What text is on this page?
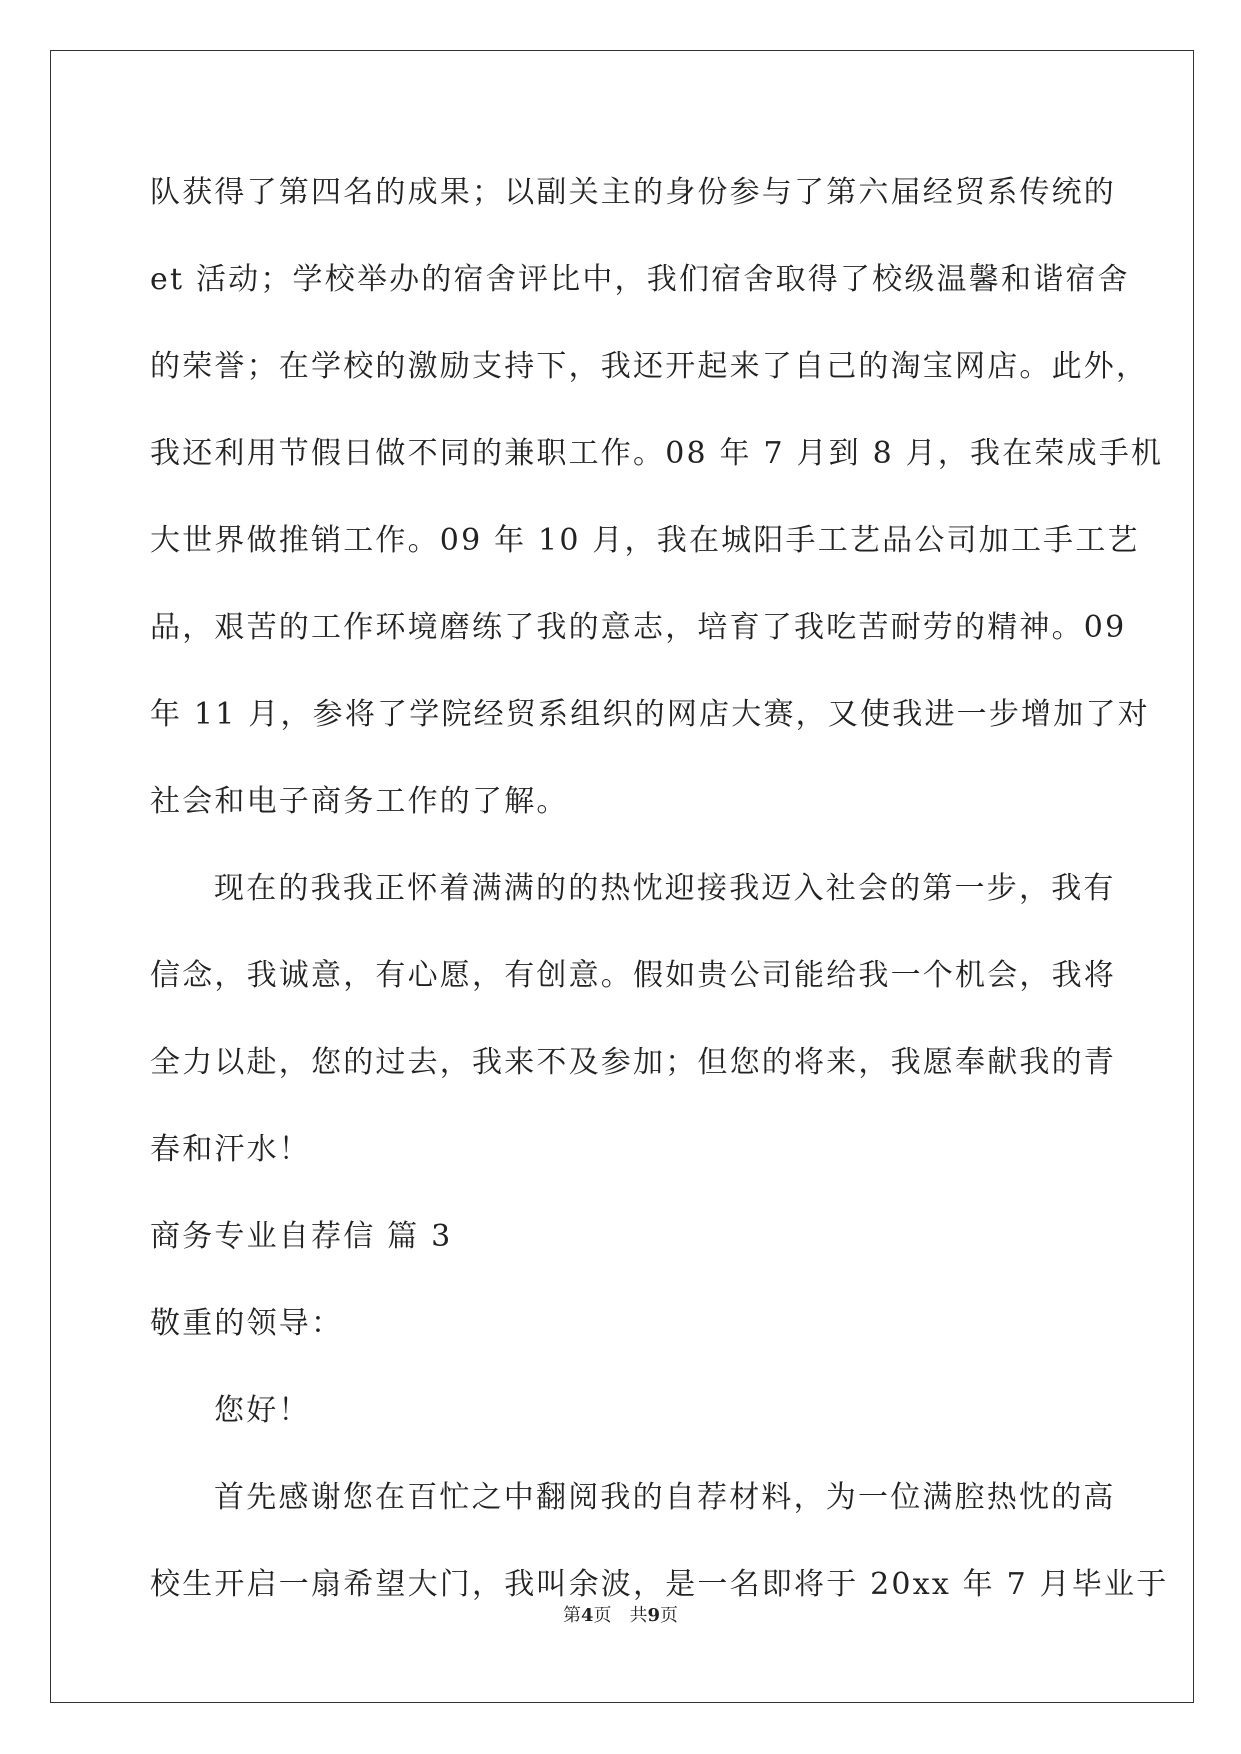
队获得了第四名的成果；以副关主的身份参与了第六届经贸系传统的
et 活动；学校举办的宿舍评比中，我们宿舍取得了校级温馨和谐宿舍
的荣誉；在学校的激励支持下，我还开起来了自己的淘宝网店。此外，
我还利用节假日做不同的兼职工作。08 年 7 月到 8 月，我在荣成手机
大世界做推销工作。09 年 10 月，我在城阳手工艺品公司加工手工艺
品，艰苦的工作环境磨练了我的意志，培育了我吃苦耐劳的精神。09
年 11 月，参将了学院经贸系组织的网店大赛，又使我进一步增加了对
社会和电子商务工作的了解。
现在的我我正怀着满满的的热忱迎接我迈入社会的第一步，我有
信念，我诚意，有心愿，有创意。假如贵公司能给我一个机会，我将
全力以赴，您的过去，我来不及参加；但您的将来，我愿奉献我的青
春和汗水！
商务专业自荐信 篇 3
敬重的领导：
您好！
首先感谢您在百忙之中翻阅我的自荐材料，为一位满腔热忱的高
校生开启一扇希望大门，我叫余波，是一名即将于 20xx 年 7 月毕业于
第4页　共9页
